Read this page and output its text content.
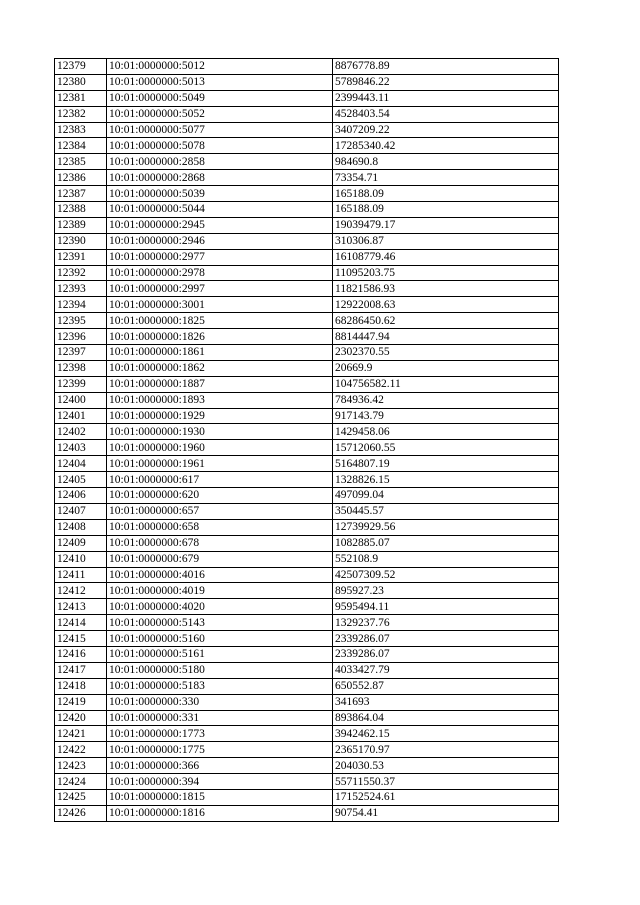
12379	10:01:0000000:5012	8876778.89
12380	10:01:0000000:5013	5789846.22
12381	10:01:0000000:5049	2399443.11
12382	10:01:0000000:5052	4528403.54
12383	10:01:0000000:5077	3407209.22
12384	10:01:0000000:5078	17285340.42
12385	10:01:0000000:2858	984690.8
12386	10:01:0000000:2868	73354.71
12387	10:01:0000000:5039	165188.09
12388	10:01:0000000:5044	165188.09
12389	10:01:0000000:2945	19039479.17
12390	10:01:0000000:2946	310306.87
12391	10:01:0000000:2977	16108779.46
12392	10:01:0000000:2978	11095203.75
12393	10:01:0000000:2997	11821586.93
12394	10:01:0000000:3001	12922008.63
12395	10:01:0000000:1825	68286450.62
12396	10:01:0000000:1826	8814447.94
12397	10:01:0000000:1861	2302370.55
12398	10:01:0000000:1862	20669.9
12399	10:01:0000000:1887	104756582.11
12400	10:01:0000000:1893	784936.42
12401	10:01:0000000:1929	917143.79
12402	10:01:0000000:1930	1429458.06
12403	10:01:0000000:1960	15712060.55
12404	10:01:0000000:1961	5164807.19
12405	10:01:0000000:617	1328826.15
12406	10:01:0000000:620	497099.04
12407	10:01:0000000:657	350445.57
12408	10:01:0000000:658	12739929.56
12409	10:01:0000000:678	1082885.07
12410	10:01:0000000:679	552108.9
12411	10:01:0000000:4016	42507309.52
12412	10:01:0000000:4019	895927.23
12413	10:01:0000000:4020	9595494.11
12414	10:01:0000000:5143	1329237.76
12415	10:01:0000000:5160	2339286.07
12416	10:01:0000000:5161	2339286.07
12417	10:01:0000000:5180	4033427.79
12418	10:01:0000000:5183	650552.87
12419	10:01:0000000:330	341693
12420	10:01:0000000:331	893864.04
12421	10:01:0000000:1773	3942462.15
12422	10:01:0000000:1775	2365170.97
12423	10:01:0000000:366	204030.53
12424	10:01:0000000:394	55711550.37
12425	10:01:0000000:1815	17152524.61
12426	10:01:0000000:1816	90754.41
